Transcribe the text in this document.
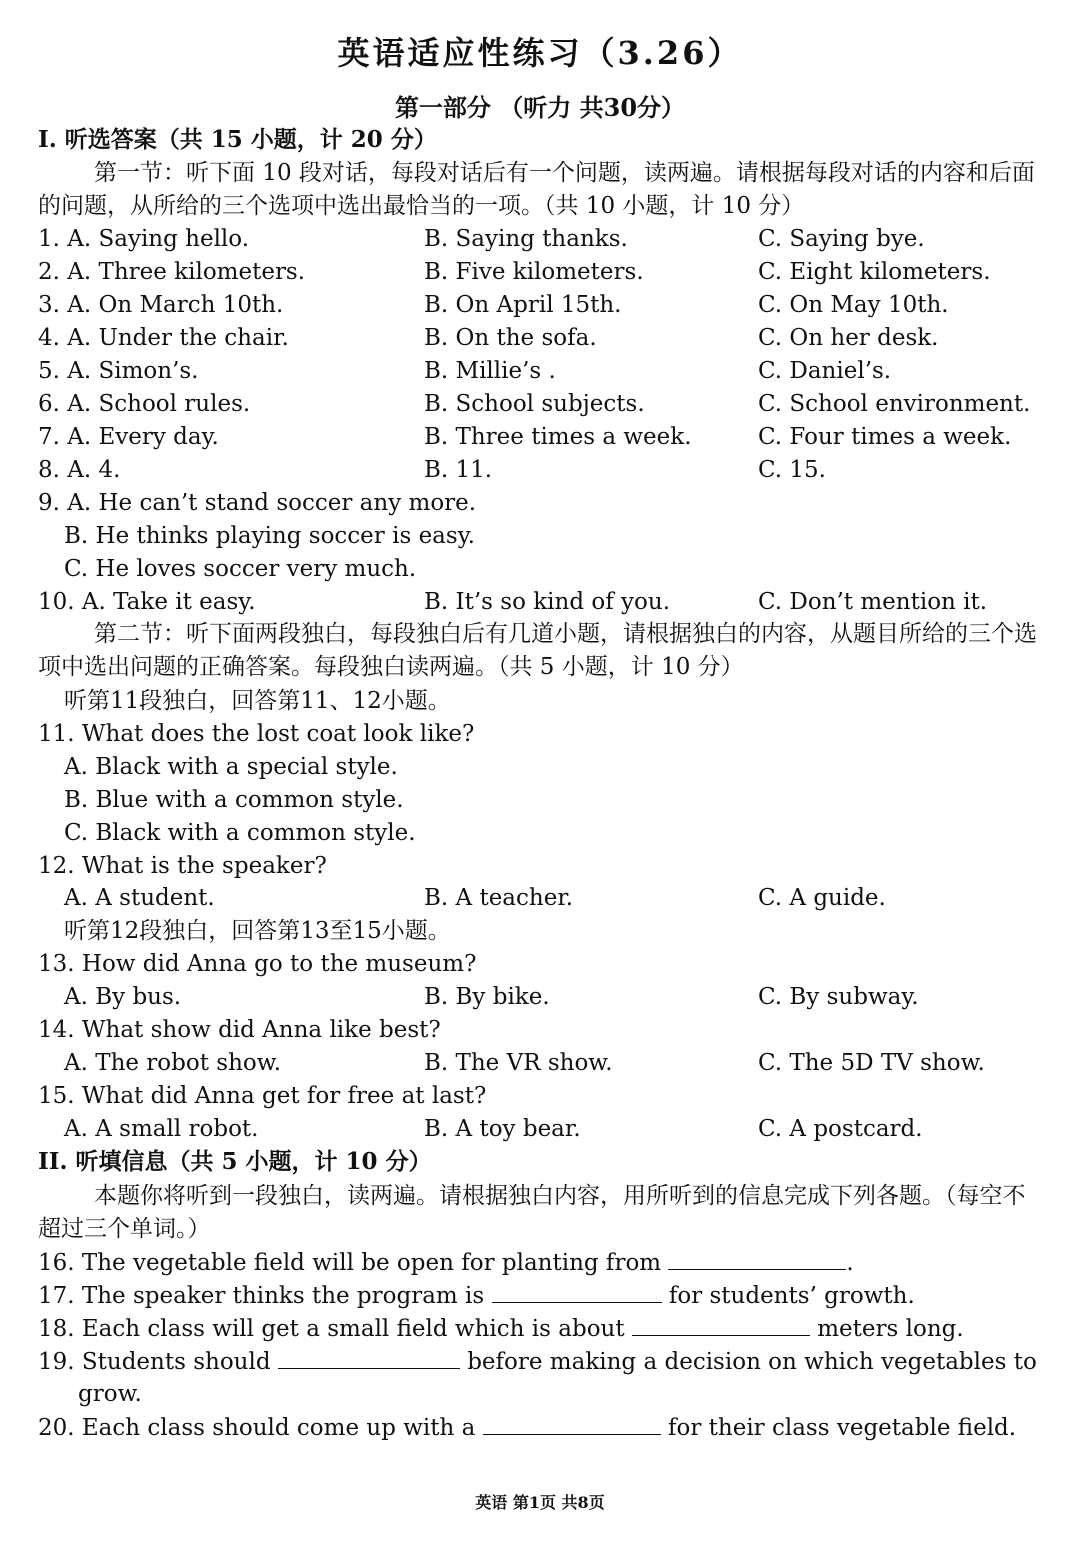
英语适应性练习（3.26）
第一部分 （听力 共30分）
I. 听选答案（共 15 小题，计 20 分）
第一节：听下面 10 段对话，每段对话后有一个问题，读两遍。请根据每段对话的内容和后面的问题，从所给的三个选项中选出最恰当的一项。（共 10 小题，计 10 分）
1. A. Saying hello.	B. Saying thanks.	C. Saying bye.
2. A. Three kilometers.	B. Five kilometers.	C. Eight kilometers.
3. A. On March 10th.	B. On April 15th.	C. On May 10th.
4. A. Under the chair.	B. On the sofa.	C. On her desk.
5. A. Simon’s.	B. Millie’s .	C. Daniel’s.
6. A. School rules.	B. School subjects.	C. School environment.
7. A. Every day.	B. Three times a week.	C. Four times a week.
8. A. 4.	B. 11.	C. 15.
9. A. He can’t stand soccer any more.
B. He thinks playing soccer is easy.
C. He loves soccer very much.
10. A. Take it easy.	B. It’s so kind of you.	C. Don’t mention it.
第二节：听下面两段独白，每段独白后有几道小题，请根据独白的内容，从题目所给的三个选项中选出问题的正确答案。每段独白读两遍。（共 5 小题，计 10 分）
听第11段独白，回答第11、12小题。
11. What does the lost coat look like?
A. Black with a special style.
B. Blue with a common style.
C. Black with a common style.
12. What is the speaker?
A. A student.	B. A teacher.	C. A guide.
听第12段独白，回答第13至15小题。
13. How did Anna go to the museum?
A. By bus.	B. By bike.	C. By subway.
14. What show did Anna like best?
A. The robot show.	B. The VR show.	C. The 5D TV show.
15. What did Anna get for free at last?
A. A small robot.	B. A toy bear.	C. A postcard.
II. 听填信息（共 5 小题，计 10 分）
本题你将听到一段独白，读两遍。请根据独白内容，用所听到的信息完成下列各题。（每空不超过三个单词。）
16. The vegetable field will be open for planting from	.
17. The speaker thinks the program is	for students’ growth.
18. Each class will get a small field which is about	meters long.
19. Students should	before making a decision on which vegetables to
grow.
20. Each class should come up with a	for their class vegetable field.
英语 第1页 共8页
